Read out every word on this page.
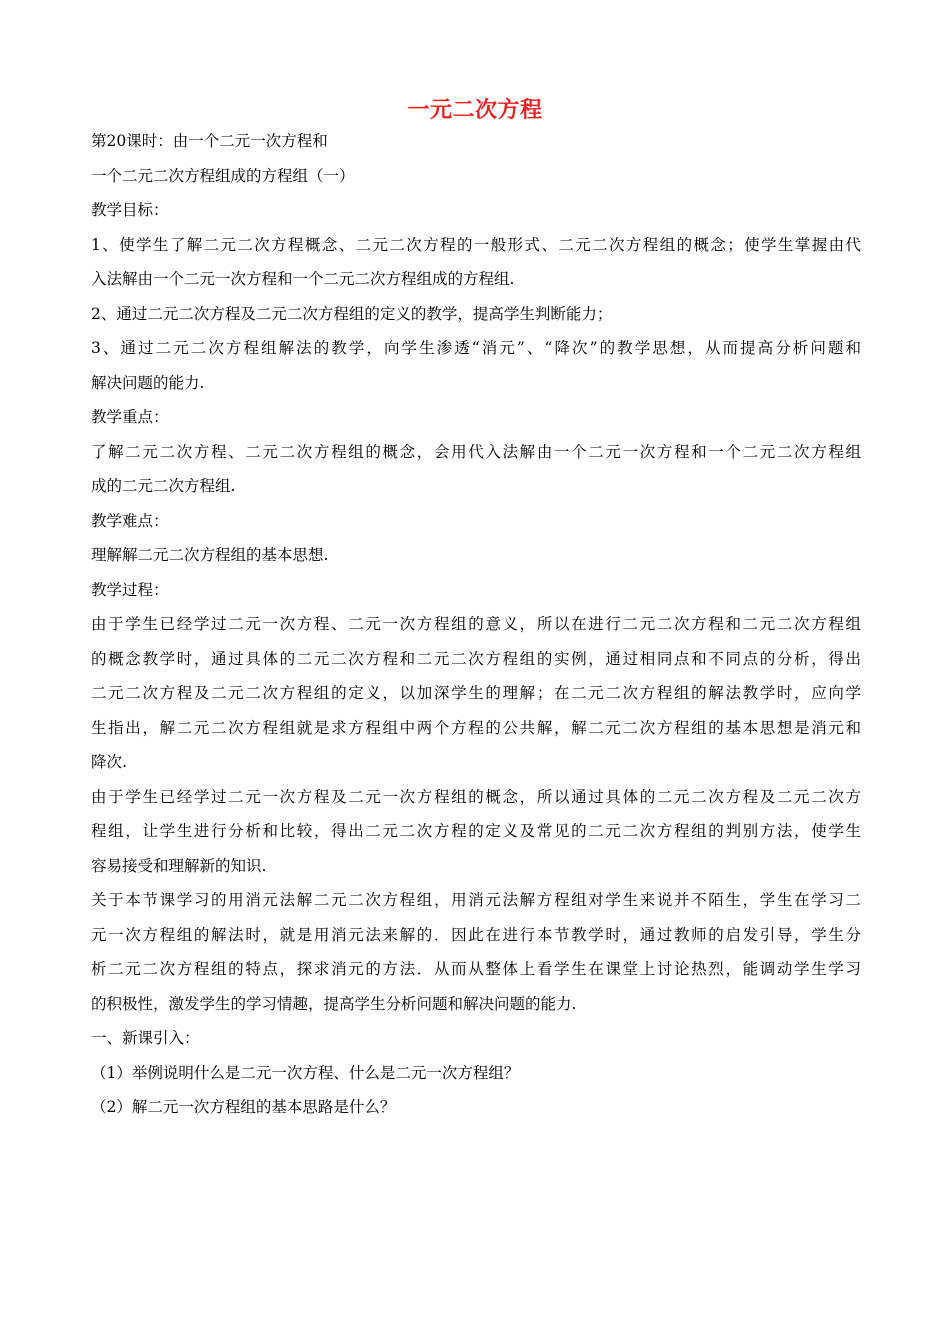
一元二次方程
第20课时：由一个二元一次方程和
一个二元二次方程组成的方程组（一）
教学目标：
1、使学生了解二元二次方程概念、二元二次方程的一般形式、二元二次方程组的概念；使学生掌握由代
入法解由一个二元一次方程和一个二元二次方程组成的方程组.
2、通过二元二次方程及二元二次方程组的定义的教学，提高学生判断能力；
3、通过二元二次方程组解法的教学，向学生渗透“消元”、“降次”的教学思想，从而提高分析问题和
解决问题的能力.
教学重点：
了解二元二次方程、二元二次方程组的概念，会用代入法解由一个二元一次方程和一个二元二次方程组
成的二元二次方程组.
教学难点：
理解解二元二次方程组的基本思想.
教学过程：
由于学生已经学过二元一次方程、二元一次方程组的意义，所以在进行二元二次方程和二元二次方程组
的概念教学时，通过具体的二元二次方程和二元二次方程组的实例，通过相同点和不同点的分析，得出
二元二次方程及二元二次方程组的定义，以加深学生的理解；在二元二次方程组的解法教学时，应向学
生指出，解二元二次方程组就是求方程组中两个方程的公共解，解二元二次方程组的基本思想是消元和
降次.
由于学生已经学过二元一次方程及二元一次方程组的概念，所以通过具体的二元二次方程及二元二次方
程组，让学生进行分析和比较，得出二元二次方程的定义及常见的二元二次方程组的判别方法，使学生
容易接受和理解新的知识.
关于本节课学习的用消元法解二元二次方程组，用消元法解方程组对学生来说并不陌生，学生在学习二
元一次方程组的解法时，就是用消元法来解的．因此在进行本节教学时，通过教师的启发引导，学生分
析二元二次方程组的特点，探求消元的方法．从而从整体上看学生在课堂上讨论热烈，能调动学生学习
的积极性，激发学生的学习情趣，提高学生分析问题和解决问题的能力.
一、新课引入：
（1）举例说明什么是二元一次方程、什么是二元一次方程组？
（2）解二元一次方程组的基本思路是什么？
